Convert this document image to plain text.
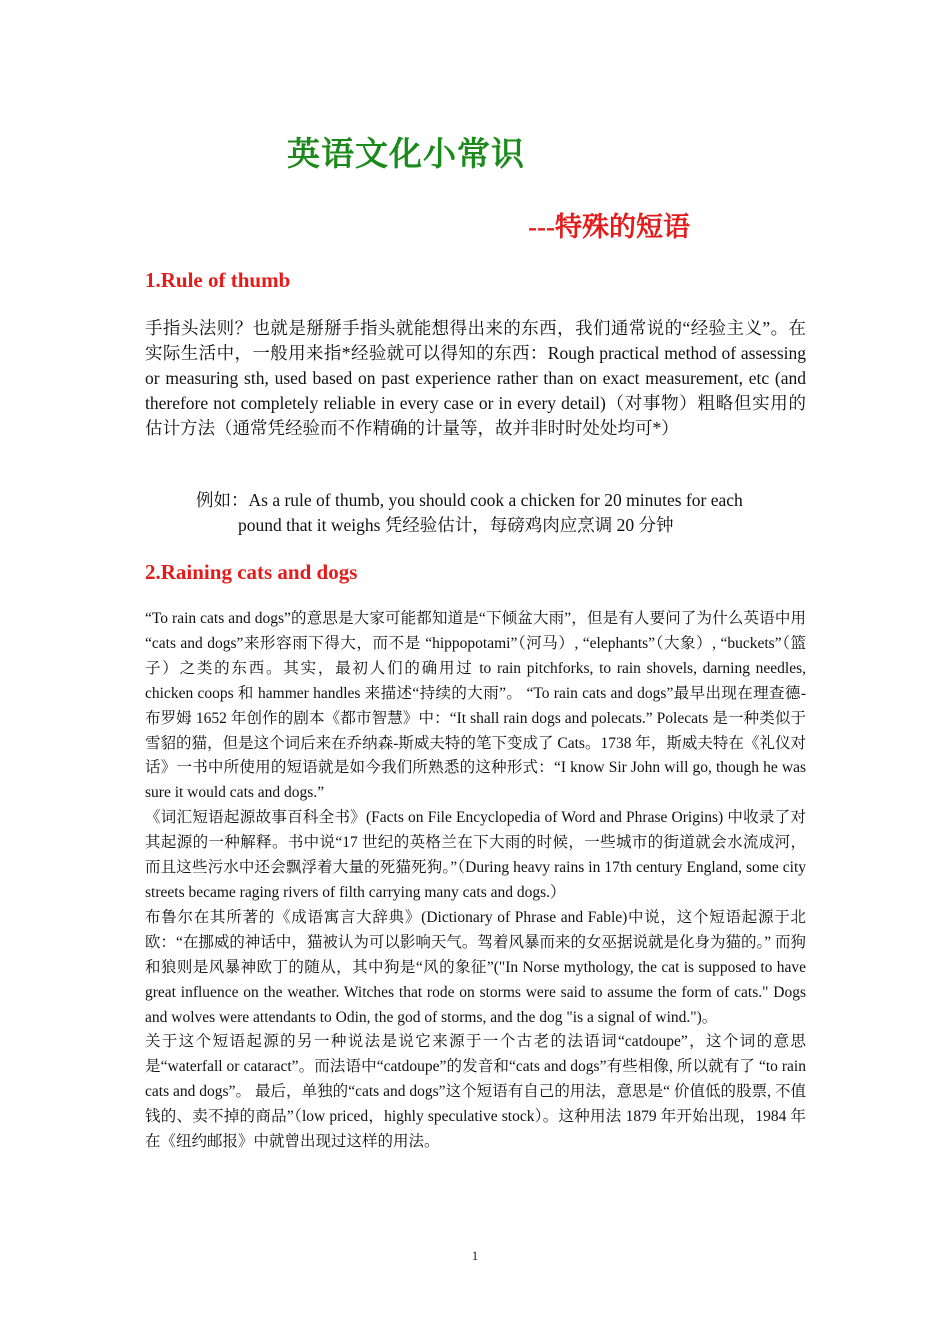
英语文化小常识
---特殊的短语
1.Rule of thumb

手指头法则？也就是掰掰手指头就能想得出来的东西，我们通常说的“经验主义”。在实际生活中，一般用来指*经验就可以得知的东西：Rough practical method of assessing or measuring sth, used based on past experience rather than on exact measurement, etc (and therefore not completely reliable in every case or in every detail)（对事物）粗略但实用的估计方法（通常凭经验而不作精确的计量等，故并非时时处处均可*）

例如：As a rule of thumb, you should cook a chicken for 20 minutes for each
pound that it weighs 凭经验估计，每磅鸡肉应烹调 20 分钟

2.Raining cats and dogs

“To rain cats and dogs”的意思是大家可能都知道是“下倾盆大雨”，但是有人要问了为什么英语中用 “cats and dogs”来形容雨下得大，而不是 “hippopotami”（河马）, “elephants”（大象）, “buckets”（篮子）之类的东西。其实，最初人们的确用过 to rain pitchforks, to rain shovels, darning needles, chicken coops 和 hammer handles 来描述“持续的大雨”。 “To rain cats and dogs”最早出现在理查德-布罗姆 1652 年创作的剧本《都市智慧》中：“It shall rain dogs and polecats.” Polecats 是一种类似于雪貂的猫，但是这个词后来在乔纳森-斯威夫特的笔下变成了 Cats。1738 年，斯威夫特在《礼仪对话》一书中所使用的短语就是如今我们所熟悉的这种形式：“I know Sir John will go, though he was sure it would cats and dogs.”

《词汇短语起源故事百科全书》(Facts on File Encyclopedia of Word and Phrase Origins) 中收录了对其起源的一种解释。书中说“17 世纪的英格兰在下大雨的时候，一些城市的街道就会水流成河，而且这些污水中还会飘浮着大量的死猫死狗。”（During heavy rains in 17th century England, some city streets became raging rivers of filth carrying many cats and dogs.）

布鲁尔在其所著的《成语寓言大辞典》(Dictionary of Phrase and Fable)中说，这个短语起源于北欧：“在挪威的神话中，猫被认为可以影响天气。驾着风暴而来的女巫据说就是化身为猫的。” 而狗和狼则是风暴神欧丁的随从，其中狗是“风的象征”("In Norse mythology, the cat is supposed to have great influence on the weather. Witches that rode on storms were said to assume the form of cats." Dogs and wolves were attendants to Odin, the god of storms, and the dog "is a signal of wind.")。

关于这个短语起源的另一种说法是说它来源于一个古老的法语词“catdoupe”，这个词的意思是“waterfall or cataract”。而法语中“catdoupe”的发音和“cats and dogs”有些相像, 所以就有了 “to rain cats and dogs”。 最后，单独的“cats and dogs”这个短语有自己的用法，意思是“ 价值低的股票, 不值钱的、卖不掉的商品”（low priced，highly speculative stock）。这种用法 1879 年开始出现，1984 年在《纽约邮报》中就曾出现过这样的用法。

1
